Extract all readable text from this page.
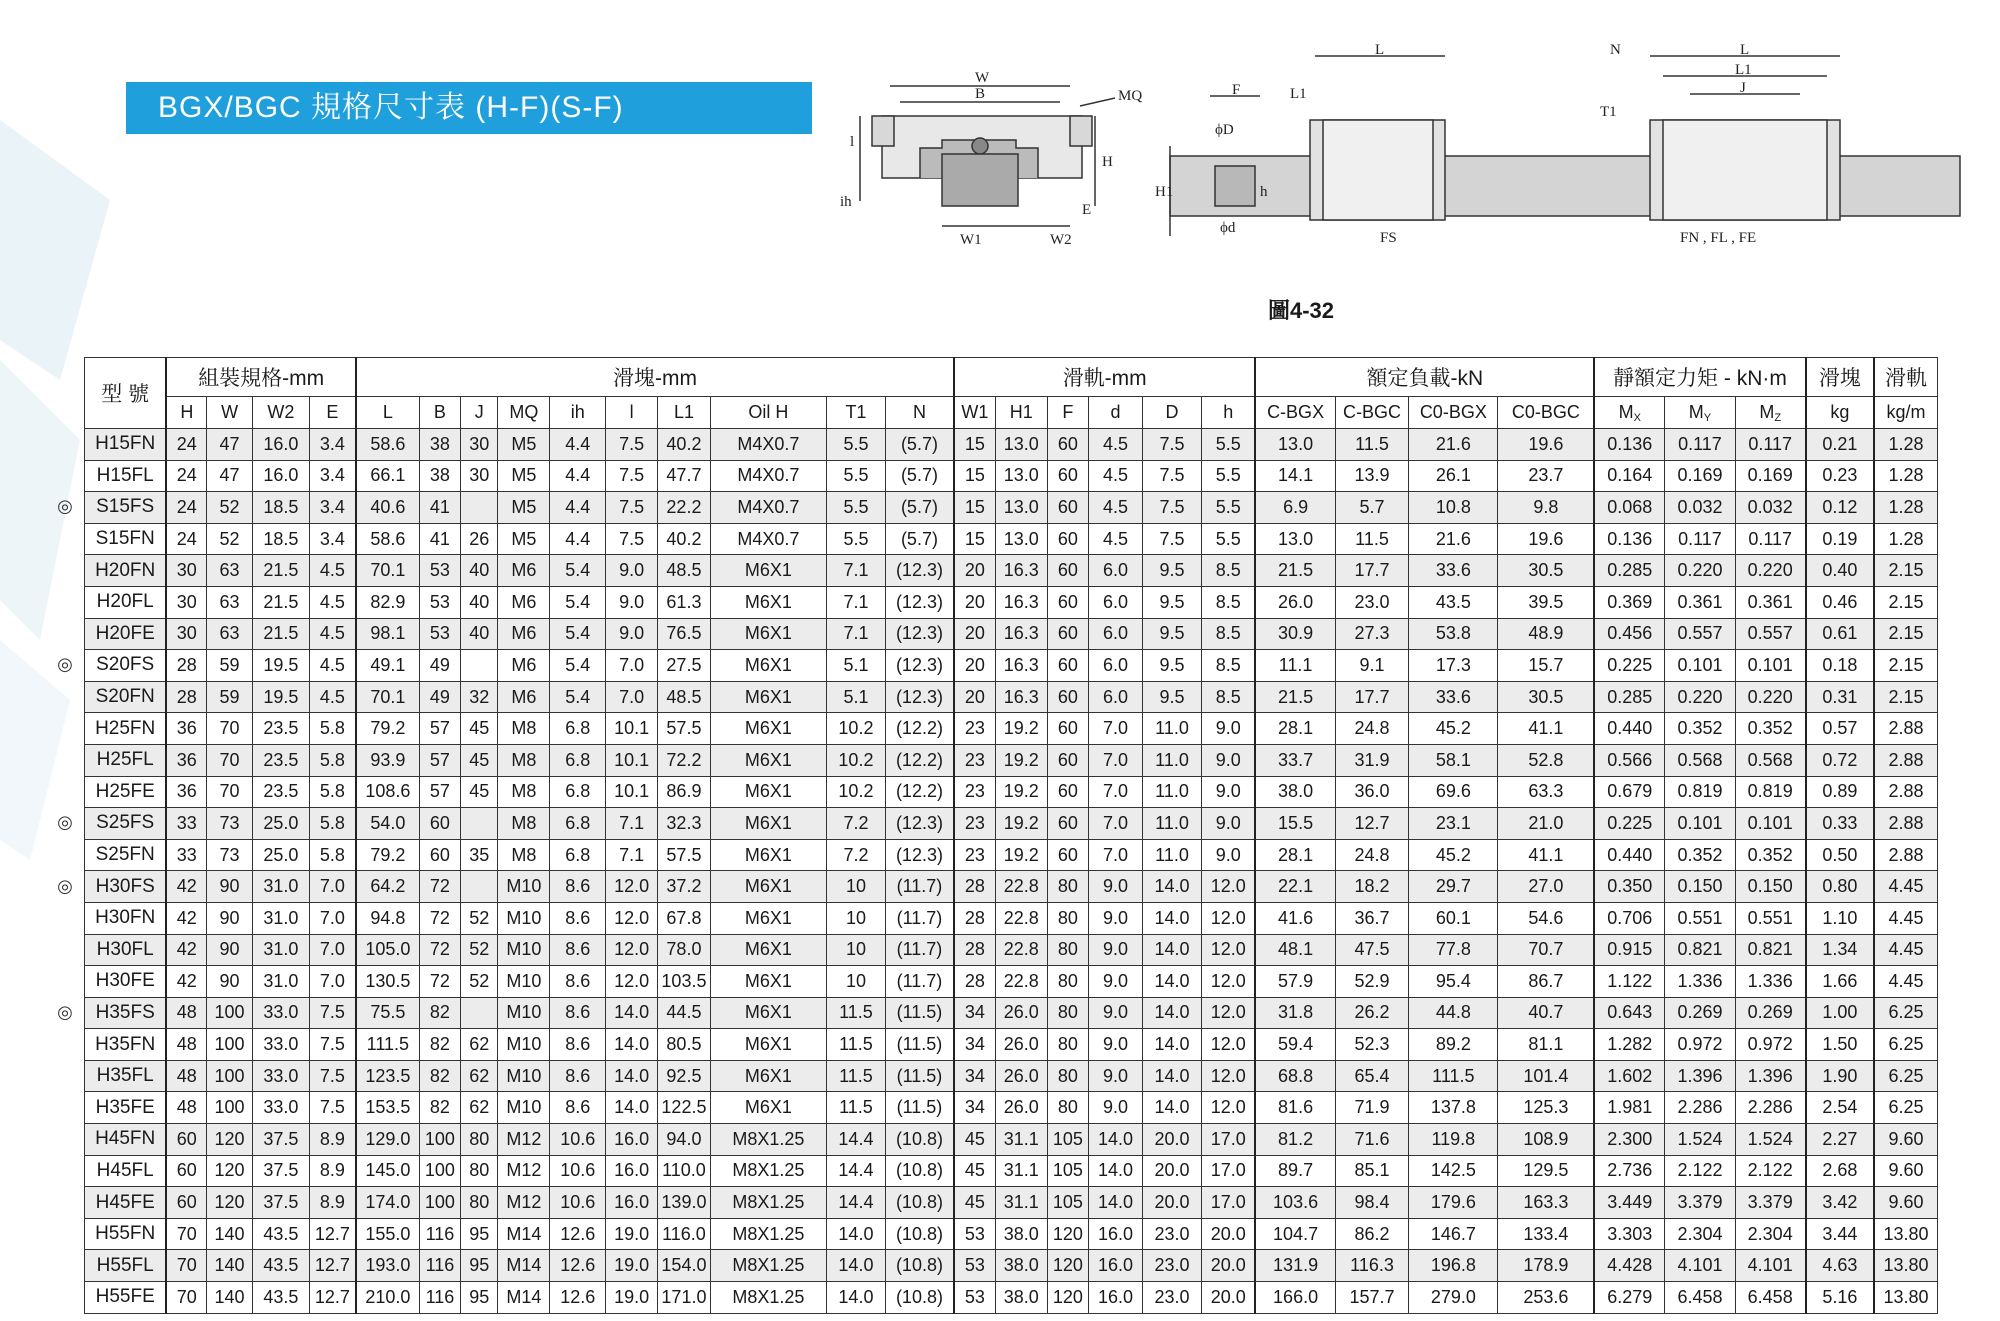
BGX/BGC 規格尺寸表 (H-F)(S-F)
W
B	MQ
l
ih
H
E
W1	W2
F	L1
ϕD
ϕd
H1	h
L	N	L
L1
J
T1
FS	FN , FL , FE
圖4-32
◎
◎
◎
◎
◎
型 號	組裝規格-mm				滑塊-mm										滑軌-mm						額定負載-kN				靜額定力矩 - kN·m			滑塊	滑軌
	H	W	W2	E	L	B	J	MQ	ih	l	L1	Oil H	T1	N	W1	H1	F	d	D	h	C-BGX	C-BGC	C0-BGX	C0-BGC	$M_X$	$M_Y$	$M_Z$	kg	kg/m
H15FN	24	47	16.0	3.4	58.6	38	30	M5	4.4	7.5	40.2	M4X0.7	5.5	(5.7)	15	13.0	60	4.5	7.5	5.5	13.0	11.5	21.6	19.6	0.136	0.117	0.117	0.21	1.28
H15FL	24	47	16.0	3.4	66.1	38	30	M5	4.4	7.5	47.7	M4X0.7	5.5	(5.7)	15	13.0	60	4.5	7.5	5.5	14.1	13.9	26.1	23.7	0.164	0.169	0.169	0.23	1.28
S15FS	24	52	18.5	3.4	40.6	41		M5	4.4	7.5	22.2	M4X0.7	5.5	(5.7)	15	13.0	60	4.5	7.5	5.5	6.9	5.7	10.8	9.8	0.068	0.032	0.032	0.12	1.28
S15FN	24	52	18.5	3.4	58.6	41	26	M5	4.4	7.5	40.2	M4X0.7	5.5	(5.7)	15	13.0	60	4.5	7.5	5.5	13.0	11.5	21.6	19.6	0.136	0.117	0.117	0.19	1.28
H20FN	30	63	21.5	4.5	70.1	53	40	M6	5.4	9.0	48.5	M6X1	7.1	(12.3)	20	16.3	60	6.0	9.5	8.5	21.5	17.7	33.6	30.5	0.285	0.220	0.220	0.40	2.15
H20FL	30	63	21.5	4.5	82.9	53	40	M6	5.4	9.0	61.3	M6X1	7.1	(12.3)	20	16.3	60	6.0	9.5	8.5	26.0	23.0	43.5	39.5	0.369	0.361	0.361	0.46	2.15
H20FE	30	63	21.5	4.5	98.1	53	40	M6	5.4	9.0	76.5	M6X1	7.1	(12.3)	20	16.3	60	6.0	9.5	8.5	30.9	27.3	53.8	48.9	0.456	0.557	0.557	0.61	2.15
S20FS	28	59	19.5	4.5	49.1	49		M6	5.4	7.0	27.5	M6X1	5.1	(12.3)	20	16.3	60	6.0	9.5	8.5	11.1	9.1	17.3	15.7	0.225	0.101	0.101	0.18	2.15
S20FN	28	59	19.5	4.5	70.1	49	32	M6	5.4	7.0	48.5	M6X1	5.1	(12.3)	20	16.3	60	6.0	9.5	8.5	21.5	17.7	33.6	30.5	0.285	0.220	0.220	0.31	2.15
H25FN	36	70	23.5	5.8	79.2	57	45	M8	6.8	10.1	57.5	M6X1	10.2	(12.2)	23	19.2	60	7.0	11.0	9.0	28.1	24.8	45.2	41.1	0.440	0.352	0.352	0.57	2.88
H25FL	36	70	23.5	5.8	93.9	57	45	M8	6.8	10.1	72.2	M6X1	10.2	(12.2)	23	19.2	60	7.0	11.0	9.0	33.7	31.9	58.1	52.8	0.566	0.568	0.568	0.72	2.88
H25FE	36	70	23.5	5.8	108.6	57	45	M8	6.8	10.1	86.9	M6X1	10.2	(12.2)	23	19.2	60	7.0	11.0	9.0	38.0	36.0	69.6	63.3	0.679	0.819	0.819	0.89	2.88
S25FS	33	73	25.0	5.8	54.0	60		M8	6.8	7.1	32.3	M6X1	7.2	(12.3)	23	19.2	60	7.0	11.0	9.0	15.5	12.7	23.1	21.0	0.225	0.101	0.101	0.33	2.88
S25FN	33	73	25.0	5.8	79.2	60	35	M8	6.8	7.1	57.5	M6X1	7.2	(12.3)	23	19.2	60	7.0	11.0	9.0	28.1	24.8	45.2	41.1	0.440	0.352	0.352	0.50	2.88
H30FS	42	90	31.0	7.0	64.2	72		M10	8.6	12.0	37.2	M6X1	10	(11.7)	28	22.8	80	9.0	14.0	12.0	22.1	18.2	29.7	27.0	0.350	0.150	0.150	0.80	4.45
H30FN	42	90	31.0	7.0	94.8	72	52	M10	8.6	12.0	67.8	M6X1	10	(11.7)	28	22.8	80	9.0	14.0	12.0	41.6	36.7	60.1	54.6	0.706	0.551	0.551	1.10	4.45
H30FL	42	90	31.0	7.0	105.0	72	52	M10	8.6	12.0	78.0	M6X1	10	(11.7)	28	22.8	80	9.0	14.0	12.0	48.1	47.5	77.8	70.7	0.915	0.821	0.821	1.34	4.45
H30FE	42	90	31.0	7.0	130.5	72	52	M10	8.6	12.0	103.5	M6X1	10	(11.7)	28	22.8	80	9.0	14.0	12.0	57.9	52.9	95.4	86.7	1.122	1.336	1.336	1.66	4.45
H35FS	48	100	33.0	7.5	75.5	82		M10	8.6	14.0	44.5	M6X1	11.5	(11.5)	34	26.0	80	9.0	14.0	12.0	31.8	26.2	44.8	40.7	0.643	0.269	0.269	1.00	6.25
H35FN	48	100	33.0	7.5	111.5	82	62	M10	8.6	14.0	80.5	M6X1	11.5	(11.5)	34	26.0	80	9.0	14.0	12.0	59.4	52.3	89.2	81.1	1.282	0.972	0.972	1.50	6.25
H35FL	48	100	33.0	7.5	123.5	82	62	M10	8.6	14.0	92.5	M6X1	11.5	(11.5)	34	26.0	80	9.0	14.0	12.0	68.8	65.4	111.5	101.4	1.602	1.396	1.396	1.90	6.25
H35FE	48	100	33.0	7.5	153.5	82	62	M10	8.6	14.0	122.5	M6X1	11.5	(11.5)	34	26.0	80	9.0	14.0	12.0	81.6	71.9	137.8	125.3	1.981	2.286	2.286	2.54	6.25
H45FN	60	120	37.5	8.9	129.0	100	80	M12	10.6	16.0	94.0	M8X1.25	14.4	(10.8)	45	31.1	105	14.0	20.0	17.0	81.2	71.6	119.8	108.9	2.300	1.524	1.524	2.27	9.60
H45FL	60	120	37.5	8.9	145.0	100	80	M12	10.6	16.0	110.0	M8X1.25	14.4	(10.8)	45	31.1	105	14.0	20.0	17.0	89.7	85.1	142.5	129.5	2.736	2.122	2.122	2.68	9.60
H45FE	60	120	37.5	8.9	174.0	100	80	M12	10.6	16.0	139.0	M8X1.25	14.4	(10.8)	45	31.1	105	14.0	20.0	17.0	103.6	98.4	179.6	163.3	3.449	3.379	3.379	3.42	9.60
H55FN	70	140	43.5	12.7	155.0	116	95	M14	12.6	19.0	116.0	M8X1.25	14.0	(10.8)	53	38.0	120	16.0	23.0	20.0	104.7	86.2	146.7	133.4	3.303	2.304	2.304	3.44	13.80
H55FL	70	140	43.5	12.7	193.0	116	95	M14	12.6	19.0	154.0	M8X1.25	14.0	(10.8)	53	38.0	120	16.0	23.0	20.0	131.9	116.3	196.8	178.9	4.428	4.101	4.101	4.63	13.80
H55FE	70	140	43.5	12.7	210.0	116	95	M14	12.6	19.0	171.0	M8X1.25	14.0	(10.8)	53	38.0	120	16.0	23.0	20.0	166.0	157.7	279.0	253.6	6.279	6.458	6.458	5.16	13.80
